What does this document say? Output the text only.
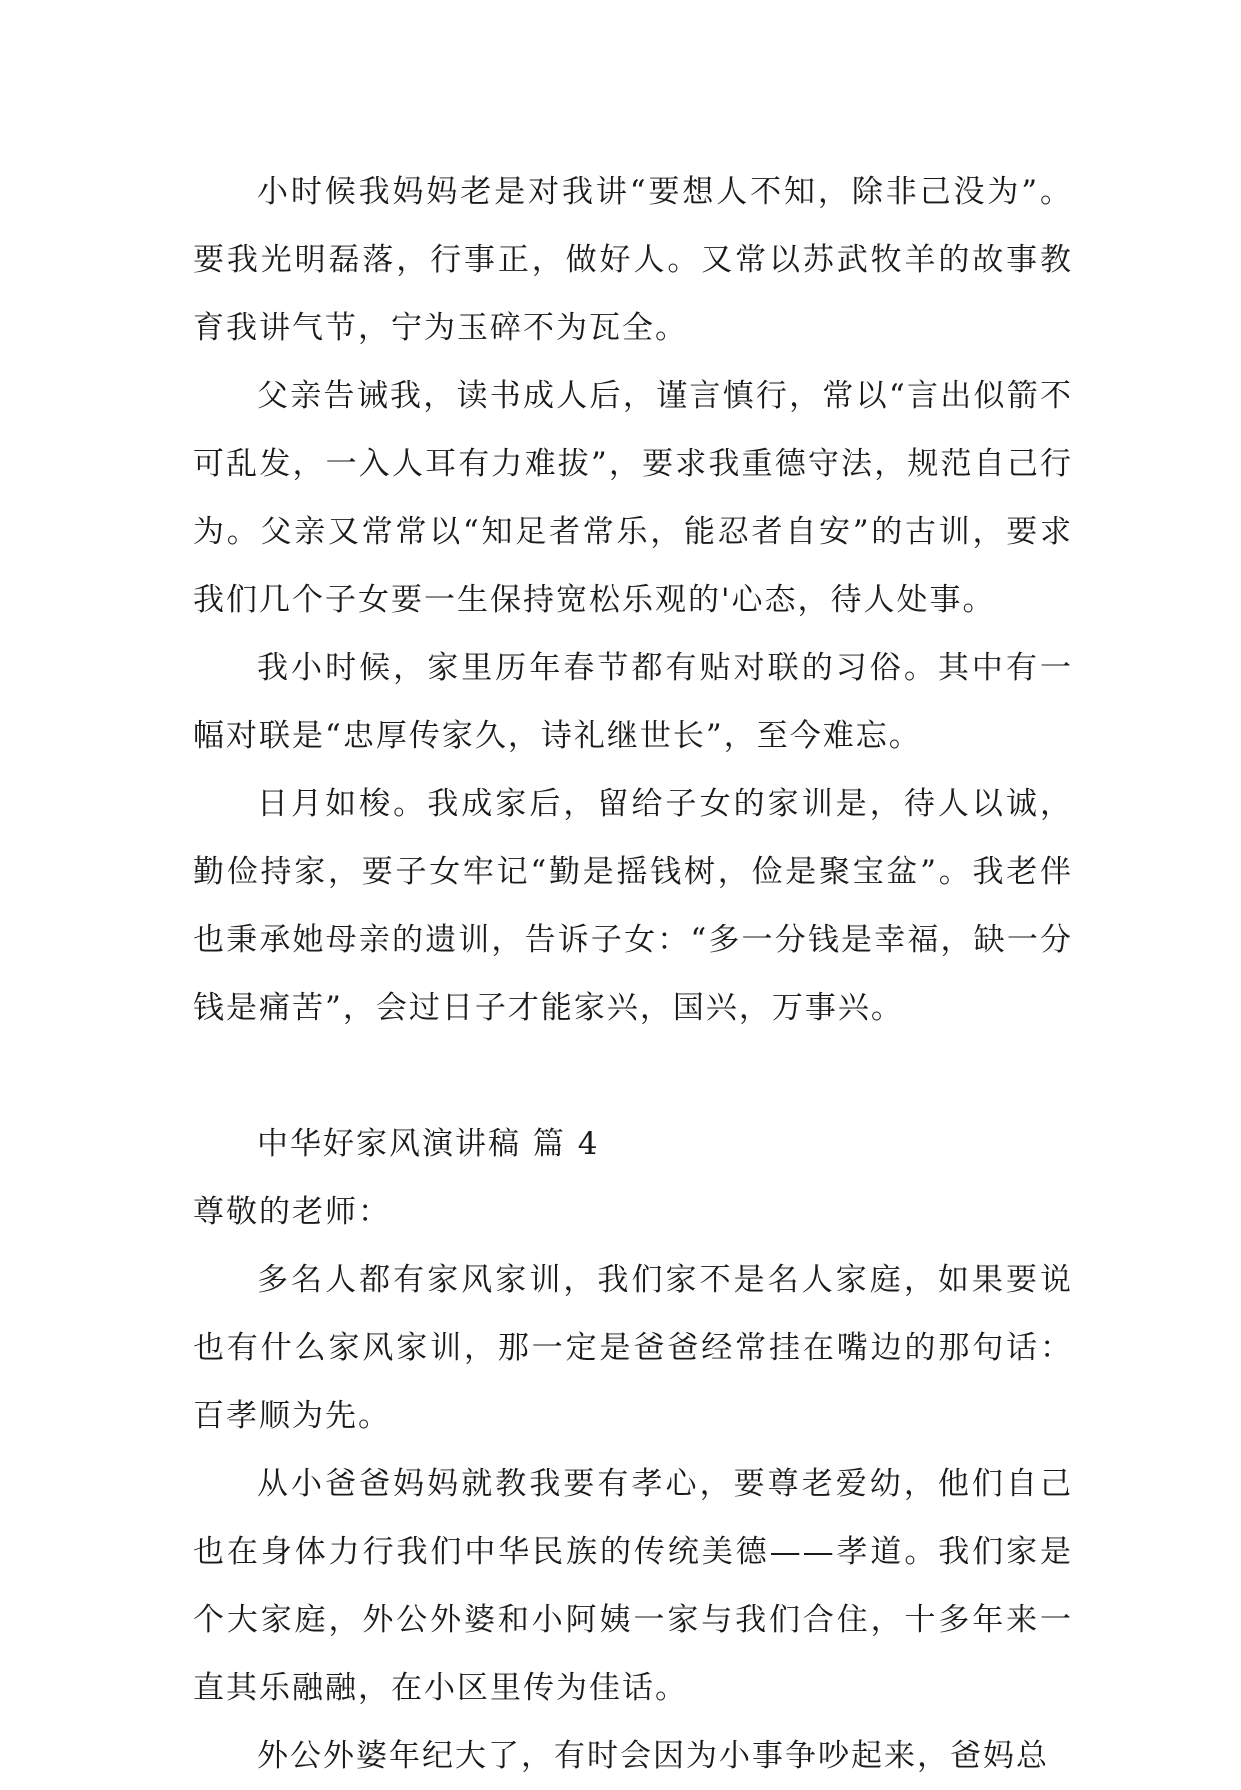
小时候我妈妈老是对我讲“要想人不知，除非己没为”。要我光明磊落，行事正，做好人。又常以苏武牧羊的故事教育我讲气节，宁为玉碎不为瓦全。

父亲告诫我，读书成人后，谨言慎行，常以“言出似箭不可乱发，一入人耳有力难拔”，要求我重德守法，规范自己行为。父亲又常常以“知足者常乐，能忍者自安”的古训，要求我们几个子女要一生保持宽松乐观的'心态，待人处事。

我小时候，家里历年春节都有贴对联的习俗。其中有一幅对联是“忠厚传家久，诗礼继世长”，至今难忘。

日月如梭。我成家后，留给子女的家训是，待人以诚，勤俭持家，要子女牢记“勤是摇钱树，俭是聚宝盆”。我老伴也秉承她母亲的遗训，告诉子女：“多一分钱是幸福，缺一分钱是痛苦”，会过日子才能家兴，国兴，万事兴。

中华好家风演讲稿 篇 4

尊敬的老师：

多名人都有家风家训，我们家不是名人家庭，如果要说也有什么家风家训，那一定是爸爸经常挂在嘴边的那句话：百孝顺为先。

从小爸爸妈妈就教我要有孝心，要尊老爱幼，他们自己也在身体力行我们中华民族的传统美德——孝道。我们家是个大家庭，外公外婆和小阿姨一家与我们合住，十多年来一直其乐融融，在小区里传为佳话。

外公外婆年纪大了，有时会因为小事争吵起来，爸妈总
